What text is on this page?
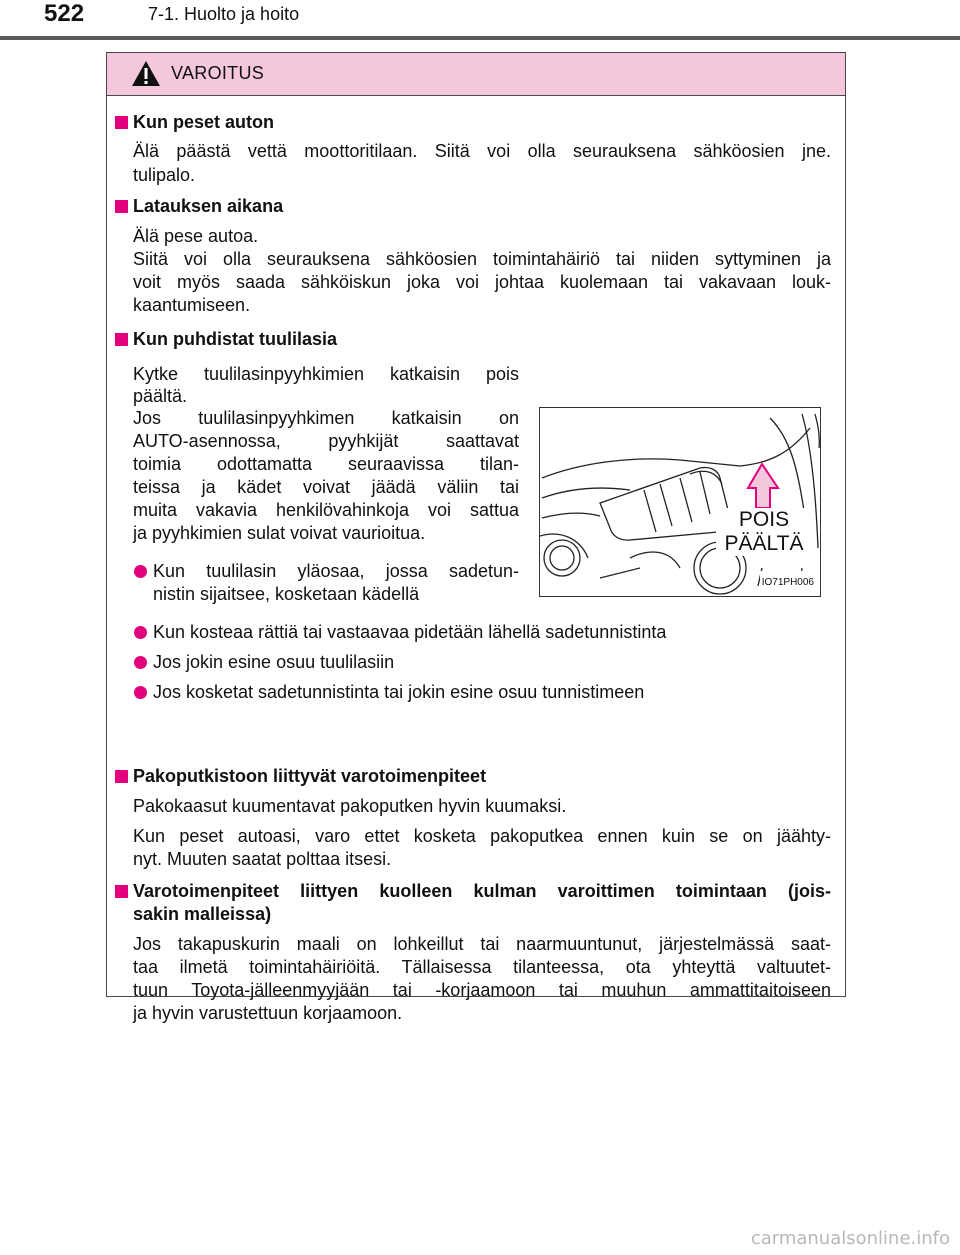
522	7-1. Huolto ja hoito
VAROITUS
Kun peset auton
Älä päästä vettä moottoritilaan. Siitä voi olla seurauksena sähköosien jne.
tulipalo.
Latauksen aikana
Älä pese autoa.
Siitä voi olla seurauksena sähköosien toimintahäiriö tai niiden syttyminen ja
voit myös saada sähköiskun joka voi johtaa kuolemaan tai vakavaan louk-
kaantumiseen.
Kun puhdistat tuulilasia
Kytke tuulilasinpyyhkimien katkaisin pois
päältä.
Jos tuulilasinpyyhkimen katkaisin on
AUTO-asennossa, pyyhkijät saattavat
toimia odottamatta seuraavissa tilan-
teissa ja kädet voivat jäädä väliin tai
muita vakavia henkilövahinkoja voi sattua
ja pyyhkimien sulat voivat vaurioitua.
Kun tuulilasin yläosaa, jossa sadetun-
nistin sijaitsee, kosketaan kädellä
Kun kosteaa rättiä tai vastaavaa pidetään lähellä sadetunnistinta
Jos jokin esine osuu tuulilasiin
Jos kosketat sadetunnistinta tai jokin esine osuu tunnistimeen
POIS
PÄÄLTÄ
IO71PH006
Pakoputkistoon liittyvät varotoimenpiteet
Pakokaasut kuumentavat pakoputken hyvin kuumaksi.
Kun peset autoasi, varo ettet kosketa pakoputkea ennen kuin se on jäähty-
nyt. Muuten saatat polttaa itsesi.
Varotoimenpiteet liittyen kuolleen kulman varoittimen toimintaan (jois-
sakin malleissa)
Jos takapuskurin maali on lohkeillut tai naarmuuntunut, järjestelmässä saat-
taa ilmetä toimintahäiriöitä. Tällaisessa tilanteessa, ota yhteyttä valtuutet-
tuun Toyota-jälleenmyyjään tai -korjaamoon tai muuhun ammattitaitoiseen
ja hyvin varustettuun korjaamoon.
carmanualsonline.info
